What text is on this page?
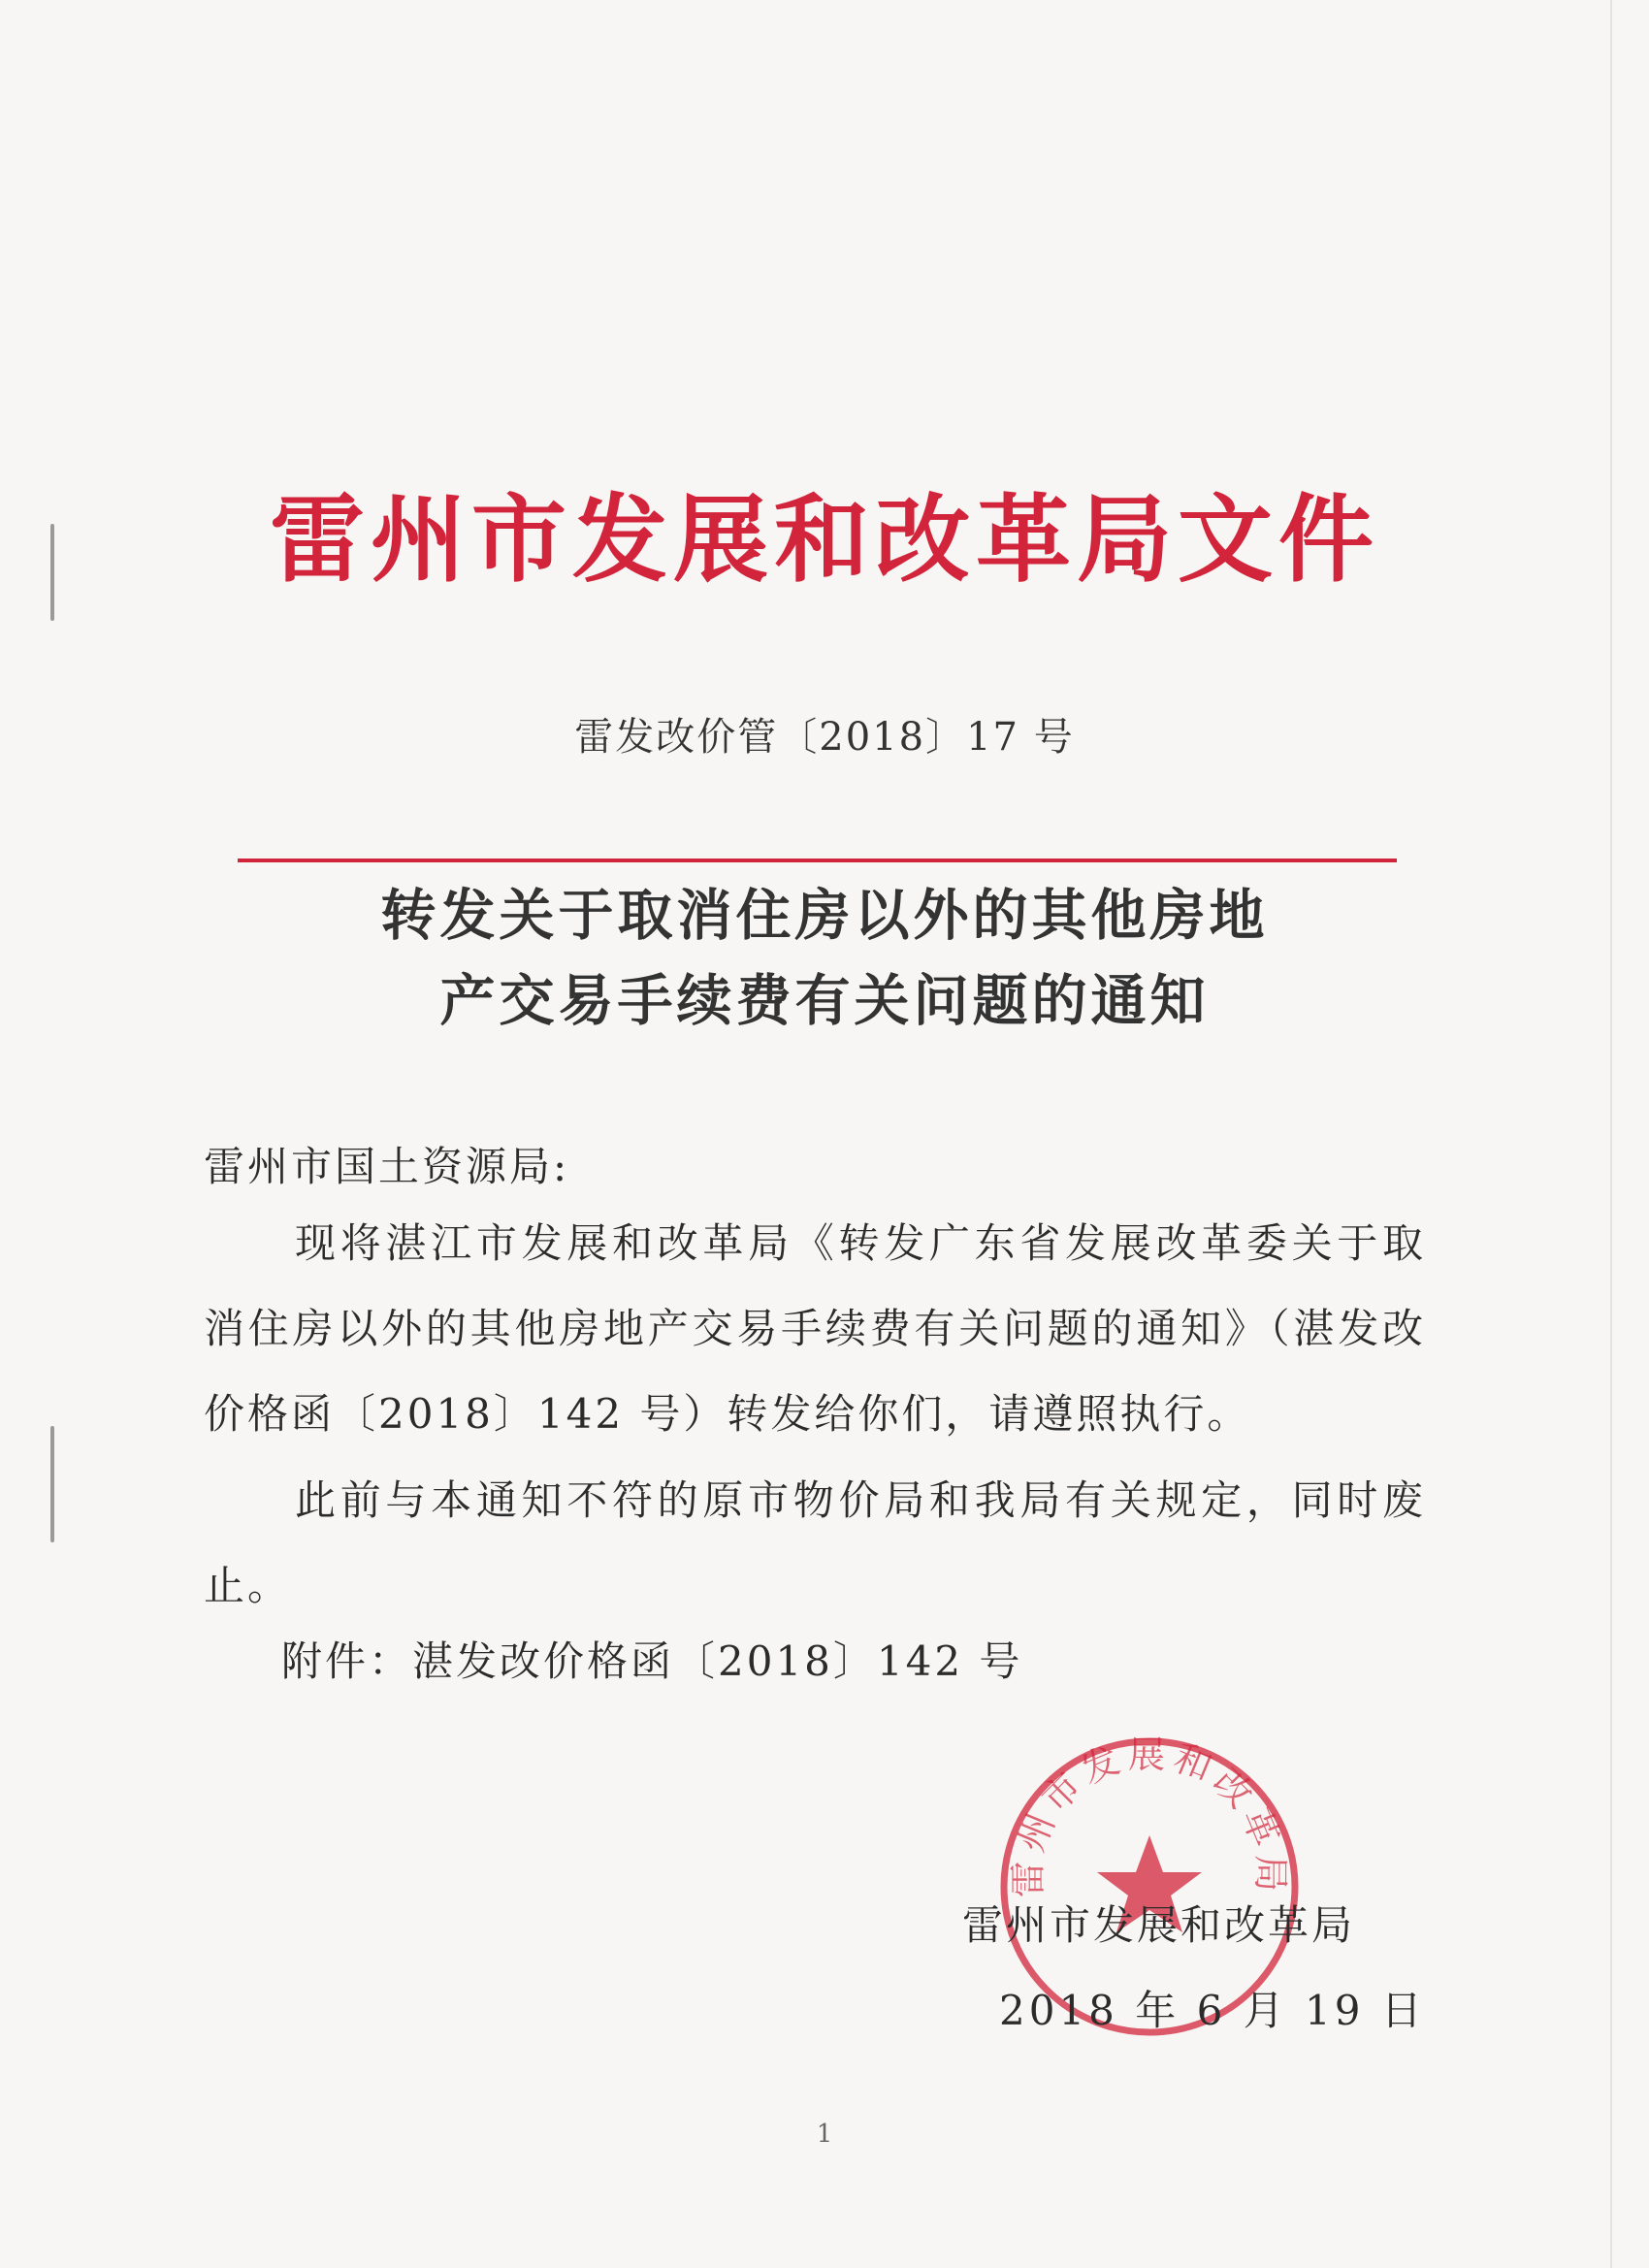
雷州市发展和改革局文件
雷发改价管〔2018〕17 号
转发关于取消住房以外的其他房地
产交易手续费有关问题的通知
雷州市国土资源局:
现将湛江市发展和改革局《转发广东省发展改革委关于取消住房以外的其他房地产交易手续费有关问题的通知》（湛发改价格函〔2018〕142 号）转发给你们，请遵照执行。
此前与本通知不符的原市物价局和我局有关规定，同时废止。
附件：湛发改价格函〔2018〕142 号
雷州市发展和改革局
雷州市发展和改革局
2018 年 6 月 19 日
1
